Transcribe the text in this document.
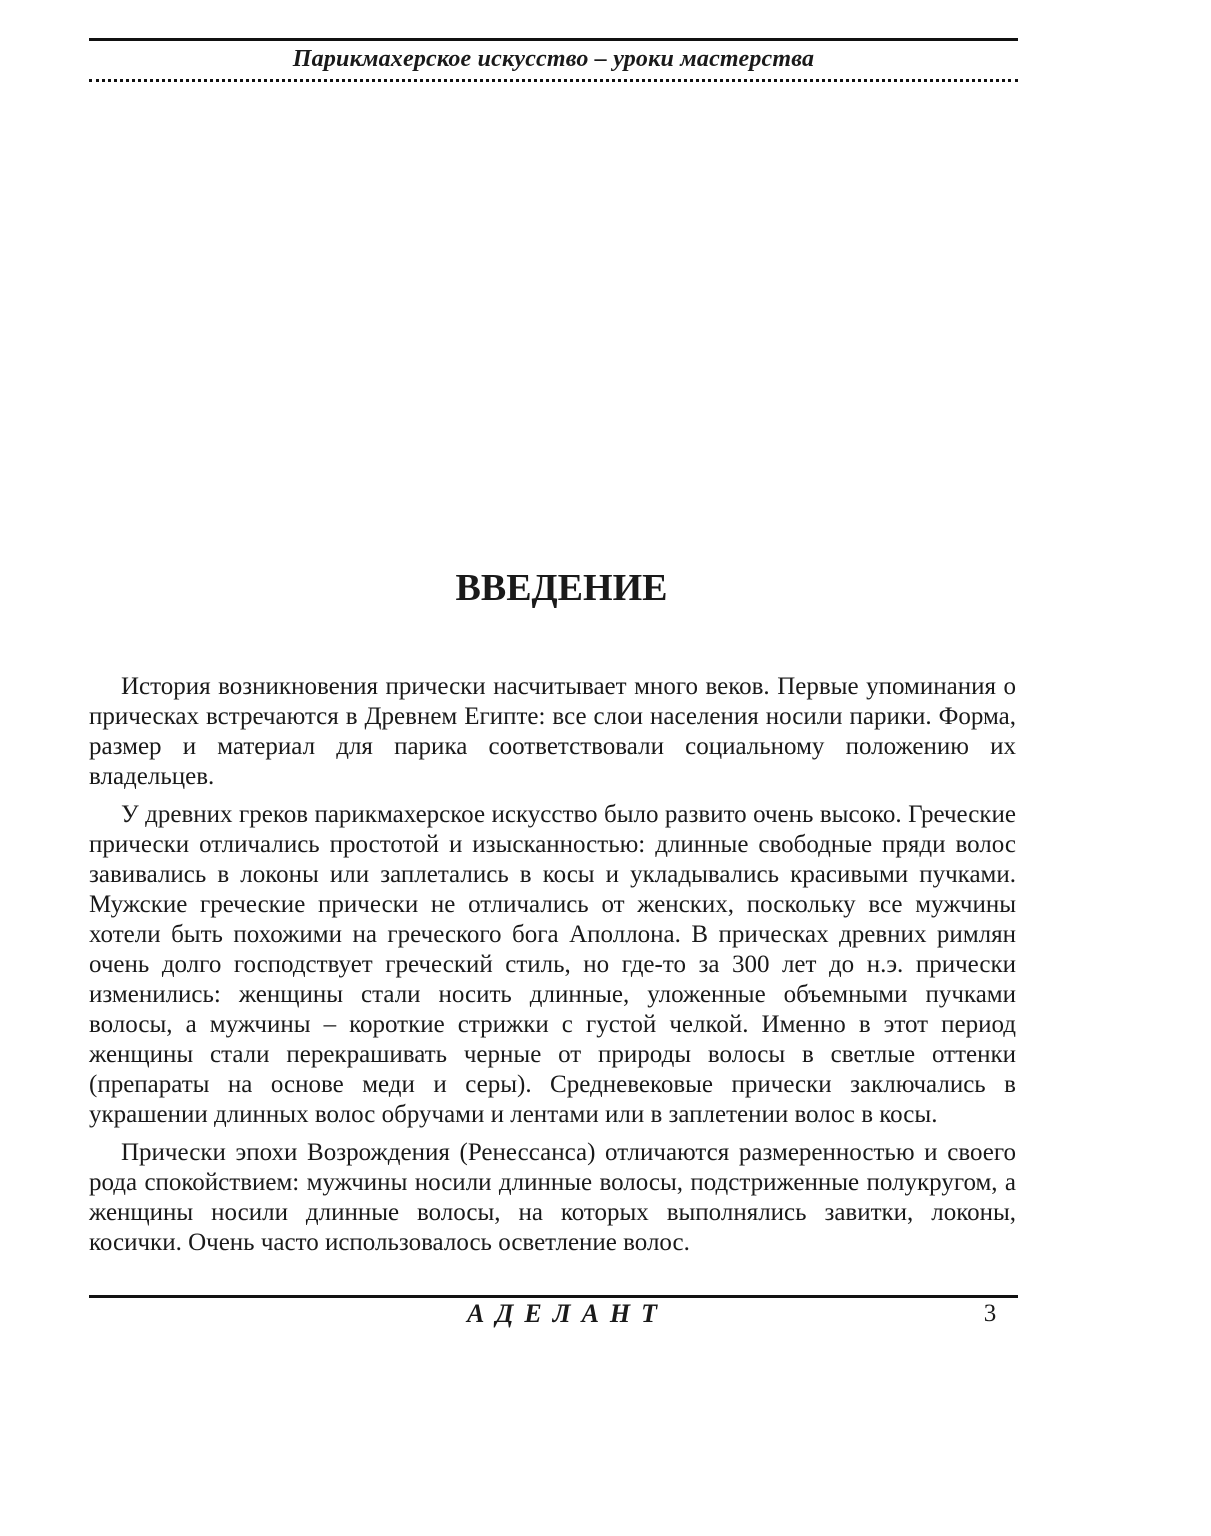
Парикмахерское искусство – уроки мастерства
ВВЕДЕНИЕ

История возникновения прически насчитывает много веков. Первые упоминания о прическах встречаются в Древнем Египте: все слои населения носили парики. Форма, размер и материал для парика соответствовали социальному положению их владельцев.

У древних греков парикмахерское искусство было развито очень высоко. Греческие прически отличались простотой и изысканностью: длинные свободные пряди волос завивались в локоны или заплетались в косы и укладывались красивыми пучками. Мужские греческие прически не отличались от женских, поскольку все мужчины хотели быть похожими на греческого бога Аполлона. В прическах древних римлян очень долго господствует греческий стиль, но где-то за 300 лет до н.э. прически изменились: женщины стали носить длинные, уложенные объемными пучками волосы, а мужчины – короткие стрижки с густой челкой. Именно в этот период женщины стали перекрашивать черные от природы волосы в светлые оттенки (препараты на основе меди и серы). Средневековые прически заключались в украшении длинных волос обручами и лентами или в заплетении волос в косы.

Прически эпохи Возрождения (Ренессанса) отличаются размеренностью и своего рода спокойствием: мужчины носили длинные волосы, подстриженные полукругом, а женщины носили длинные волосы, на которых выполнялись завитки, локоны, косички. Очень часто использовалось осветление волос.

АДЕЛАНТ	3
